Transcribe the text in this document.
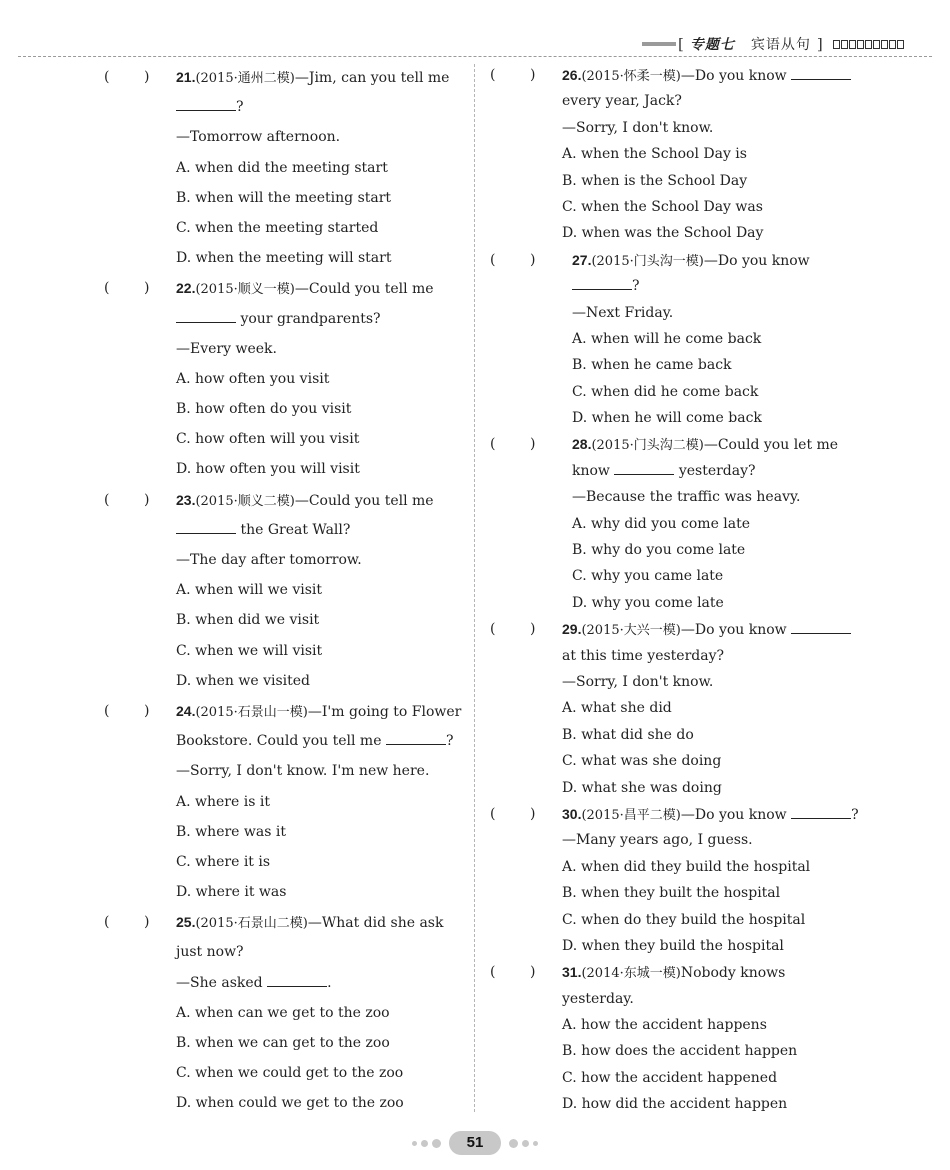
[ 专题七 宾语从句 ]
( ) 21.(2015·通州二模)—Jim, can you tell me
?
—Tomorrow afternoon.
A. when did the meeting start
B. when will the meeting start
C. when the meeting started
D. when the meeting will start
( ) 22.(2015·顺义一模)—Could you tell me
your grandparents?
—Every week.
A. how often you visit
B. how often do you visit
C. how often will you visit
D. how often you will visit
( ) 23.(2015·顺义二模)—Could you tell me
the Great Wall?
—The day after tomorrow.
A. when will we visit
B. when did we visit
C. when we will visit
D. when we visited
( ) 24.(2015·石景山一模)—I'm going to Flower
Bookstore. Could you tell me	?
—Sorry, I don't know. I'm new here.
A. where is it
B. where was it
C. where it is
D. where it was
( ) 25.(2015·石景山二模)—What did she ask
just now?
—She asked	.
A. when can we get to the zoo
B. when we can get to the zoo
C. when we could get to the zoo
D. when could we get to the zoo
( ) 26.(2015·怀柔一模)—Do you know
every year, Jack?
—Sorry, I don't know.
A. when the School Day is
B. when is the School Day
C. when the School Day was
D. when was the School Day
( )	27.(2015·门头沟一模)—Do you know
?
—Next Friday.
A. when will he come back
B. when he came back
C. when did he come back
D. when he will come back
( )	28.(2015·门头沟二模)—Could you let me
know	yesterday?
—Because the traffic was heavy.
A. why did you come late
B. why do you come late
C. why you came late
D. why you come late
( ) 29.(2015·大兴一模)—Do you know
at this time yesterday?
—Sorry, I don't know.
A. what she did
B. what did she do
C. what was she doing
D. what she was doing
( ) 30.(2015·昌平二模)—Do you know	?
—Many years ago, I guess.
A. when did they build the hospital
B. when they built the hospital
C. when do they build the hospital
D. when they build the hospital
( ) 31.(2014·东城一模)Nobody knows
yesterday.
A. how the accident happens
B. how does the accident happen
C. how the accident happened
D. how did the accident happen
51
